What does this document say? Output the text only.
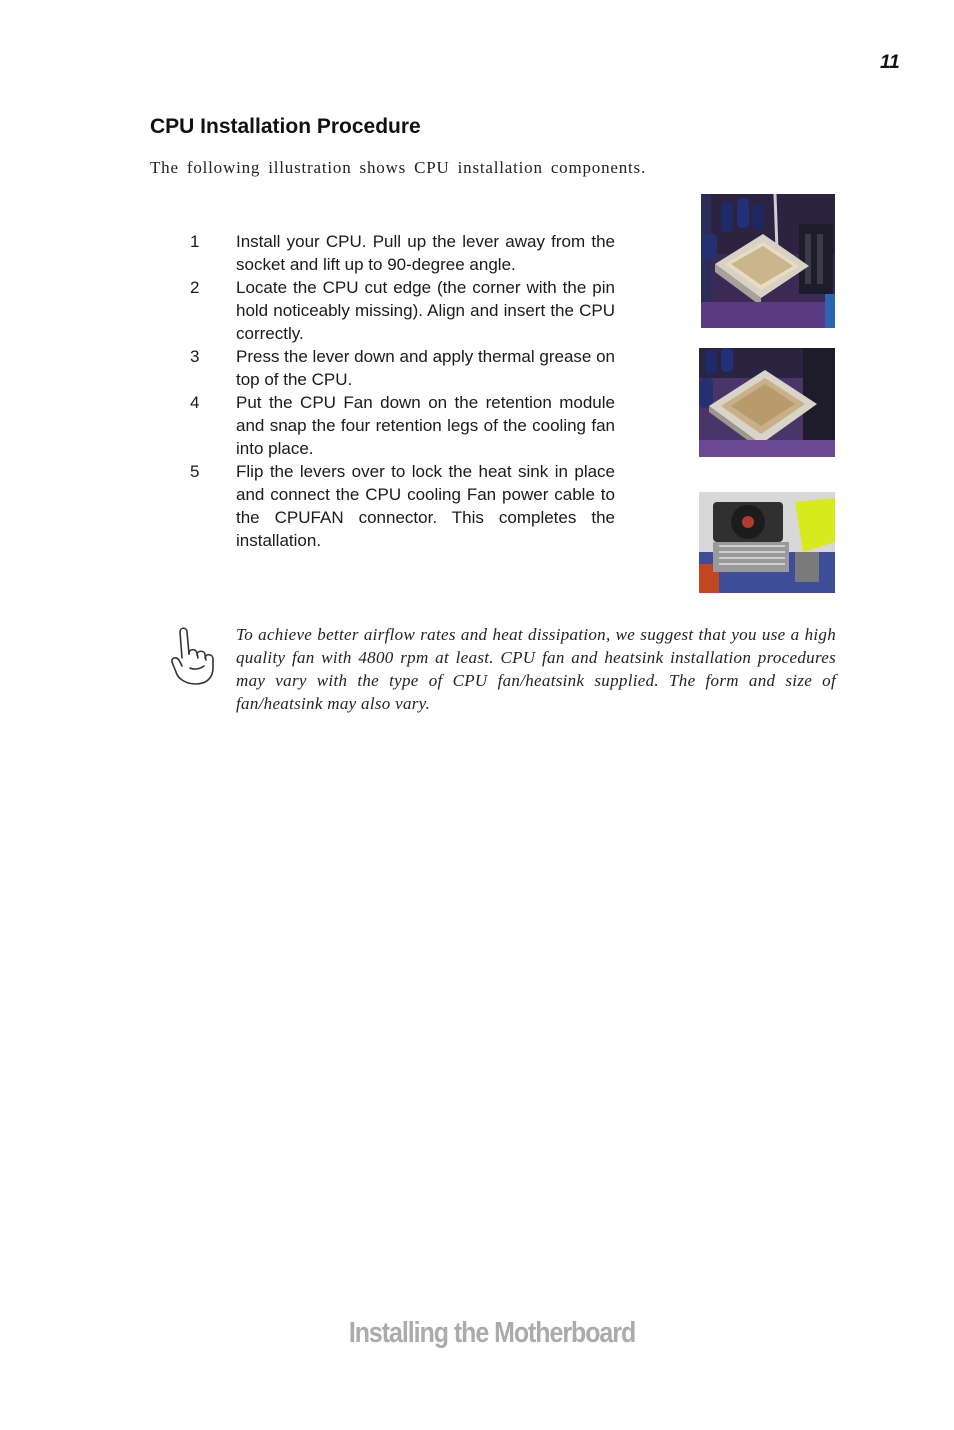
11
CPU Installation Procedure
The following illustration shows CPU installation components.
1	Install your CPU. Pull up the lever away from the socket and lift up to 90-degree angle.
2	Locate the CPU cut edge (the corner with the pin hold noticeably missing). Align and insert the CPU correctly.
3	Press the lever down and apply thermal grease on top of the CPU.
4	Put the CPU Fan down on the retention module and snap the four retention legs of the cooling fan into place.
5	Flip the levers over to lock the heat sink in place and connect the CPU cooling Fan power cable to the CPUFAN connector. This completes the installation.
To achieve better airflow rates and heat dissipation, we suggest that you use a high quality fan with 4800 rpm at least. CPU fan and heatsink installation procedures may vary with the type of CPU fan/heatsink supplied. The form and size of fan/heatsink may also vary.
Installing the Motherboard
